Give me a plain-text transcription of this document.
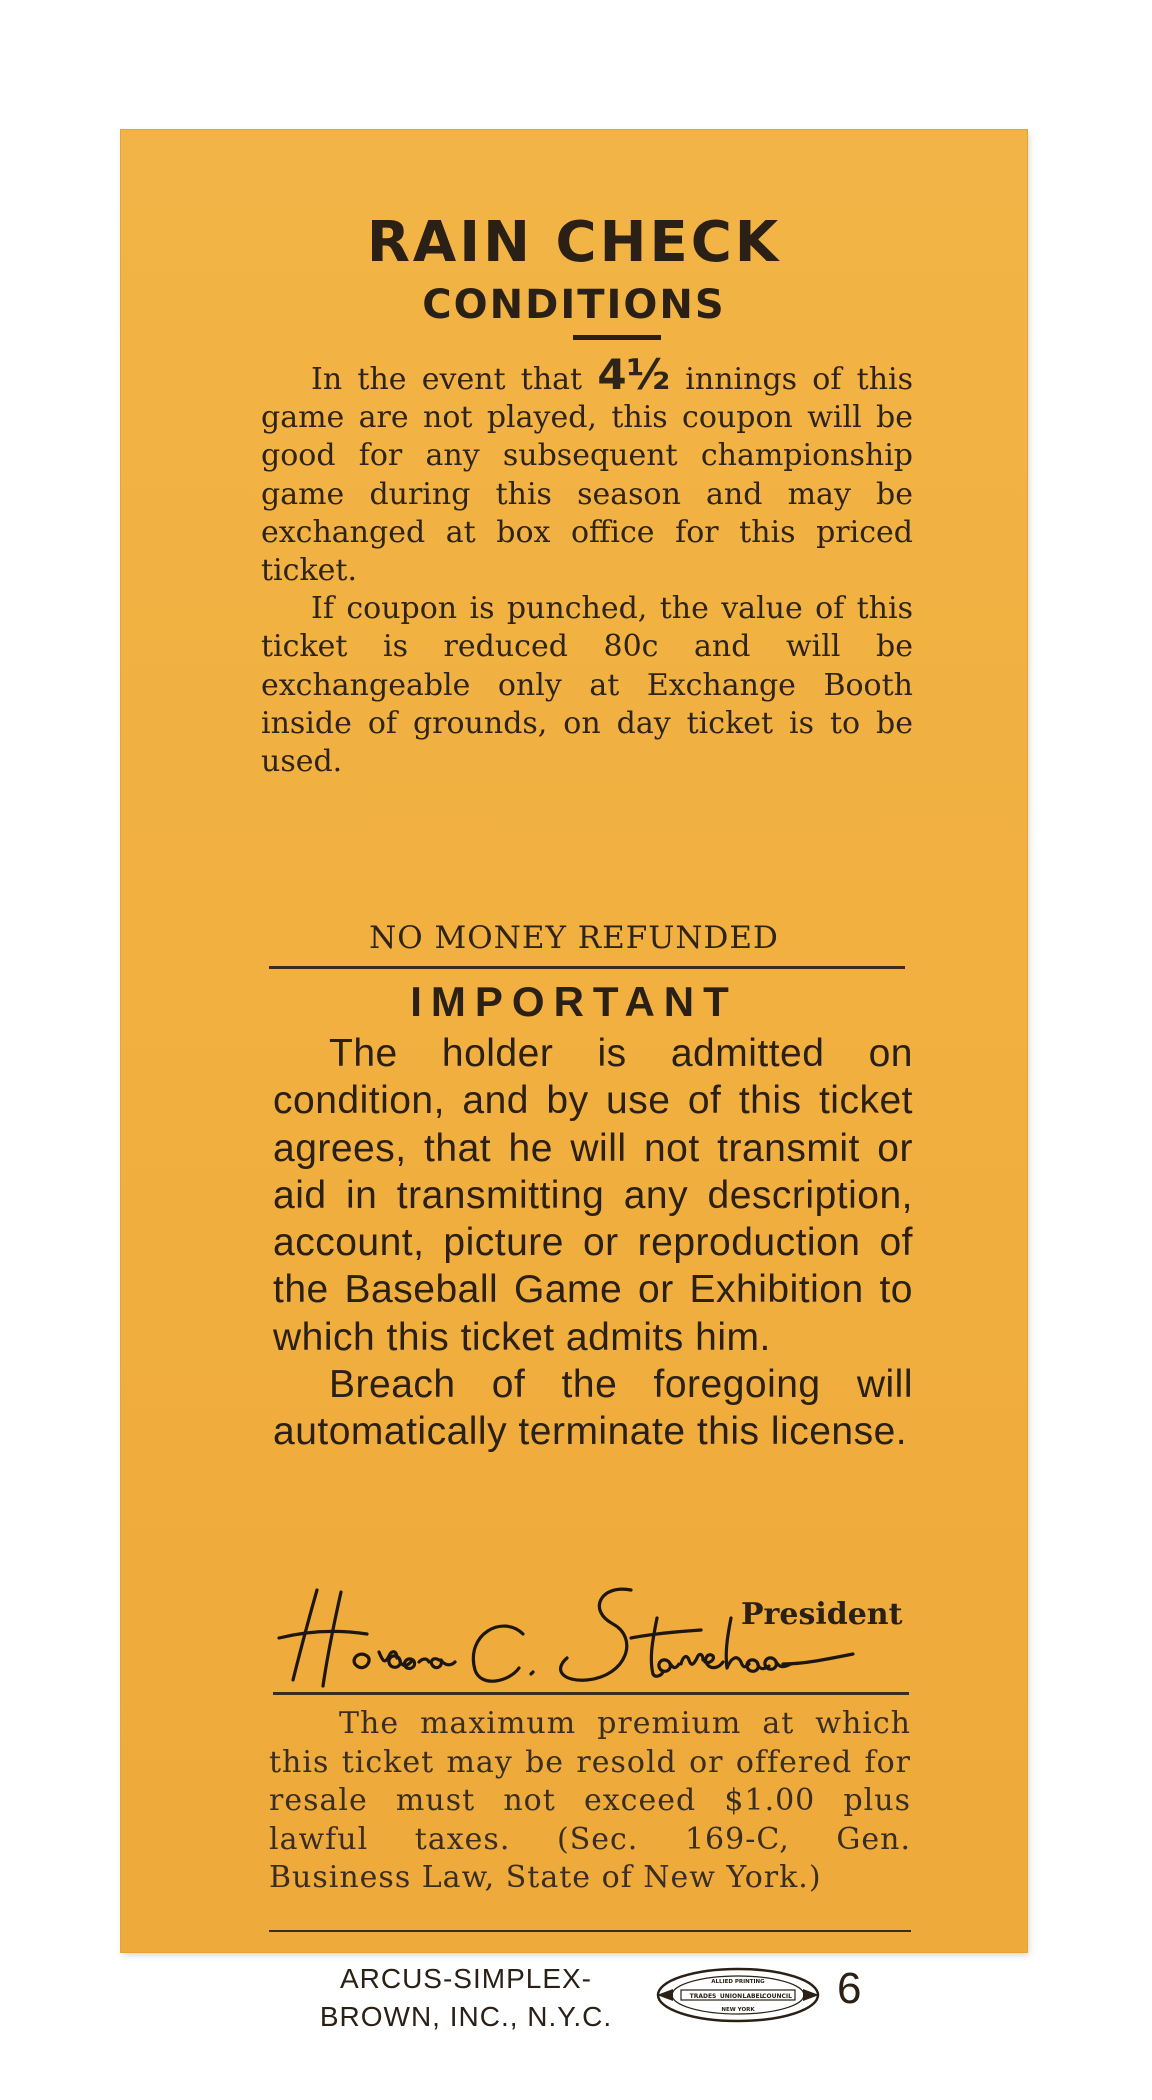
RAIN CHECK
CONDITIONS

In the event that 4½ innings of this game are not played, this coupon will be good for any subsequent championship game during this season and may be exchanged at box office for this priced ticket.

If coupon is punched, the value of this ticket is reduced 80c and will be exchangeable only at Exchange Booth inside of grounds, on day ticket is to be used.

NO MONEY REFUNDED
IMPORTANT

The holder is admitted on condition, and by use of this ticket agrees, that he will not transmit or aid in transmitting any description, account, picture or reproduction of the Baseball Game or Exhibition to which this ticket admits him.

Breach of the foregoing will automatically terminate this license.

President

The maximum premium at which this ticket may be resold or offered for resale must not exceed $1.00 plus lawful taxes. (Sec. 169-C, Gen. Business Law, State of New York.)

ARCUS-SIMPLEX-
BROWN, INC., N.Y.C.
ALLIED PRINTING
TRADES UNION LABEL
COUNCIL
NEW YORK 6
